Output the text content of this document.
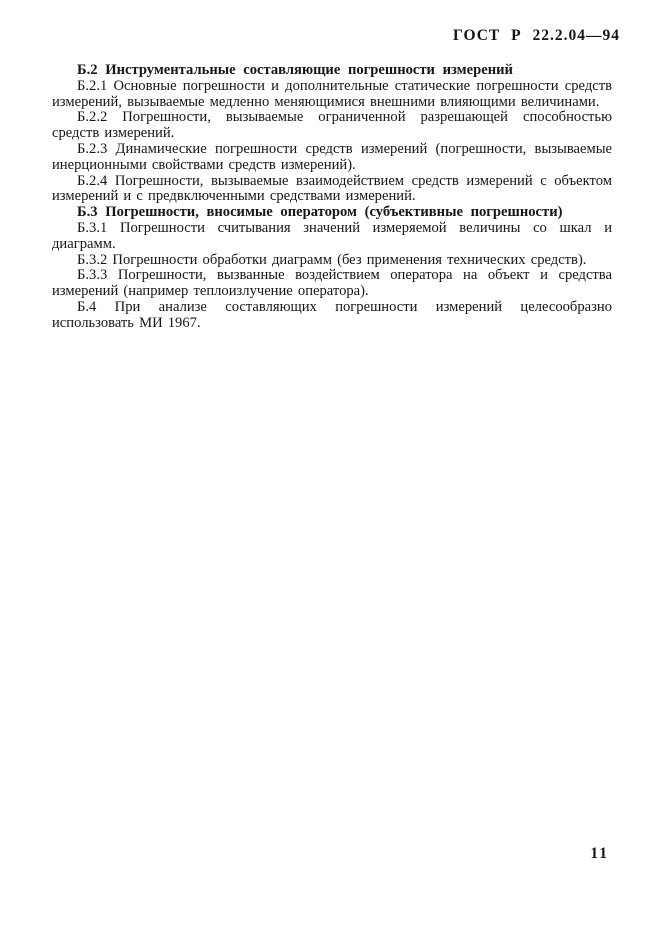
ГОСТ Р 22.2.04—94

Б.2 Инструментальные составляющие погрешности измерений

Б.2.1 Основные погрешности и дополнительные статические погрешности средств измерений, вызываемые медленно меняющимися внешними влияющими величинами.

Б.2.2 Погрешности, вызываемые ограниченной разрешающей способностью средств измерений.

Б.2.3 Динамические погрешности средств измерений (погрешности, вызываемые инерционными свойствами средств измерений).

Б.2.4 Погрешности, вызываемые взаимодействием средств измерений с объектом измерений и с предвключенными средствами измерений.

Б.3 Погрешности, вносимые оператором (субъективные погрешности)

Б.3.1 Погрешности считывания значений измеряемой величины со шкал и диаграмм.

Б.3.2 Погрешности обработки диаграмм (без применения технических средств).

Б.3.3 Погрешности, вызванные воздействием оператора на объект и средства измерений (например теплоизлучение оператора).

Б.4 При анализе составляющих погрешности измерений целесообразно использовать МИ 1967.

11
